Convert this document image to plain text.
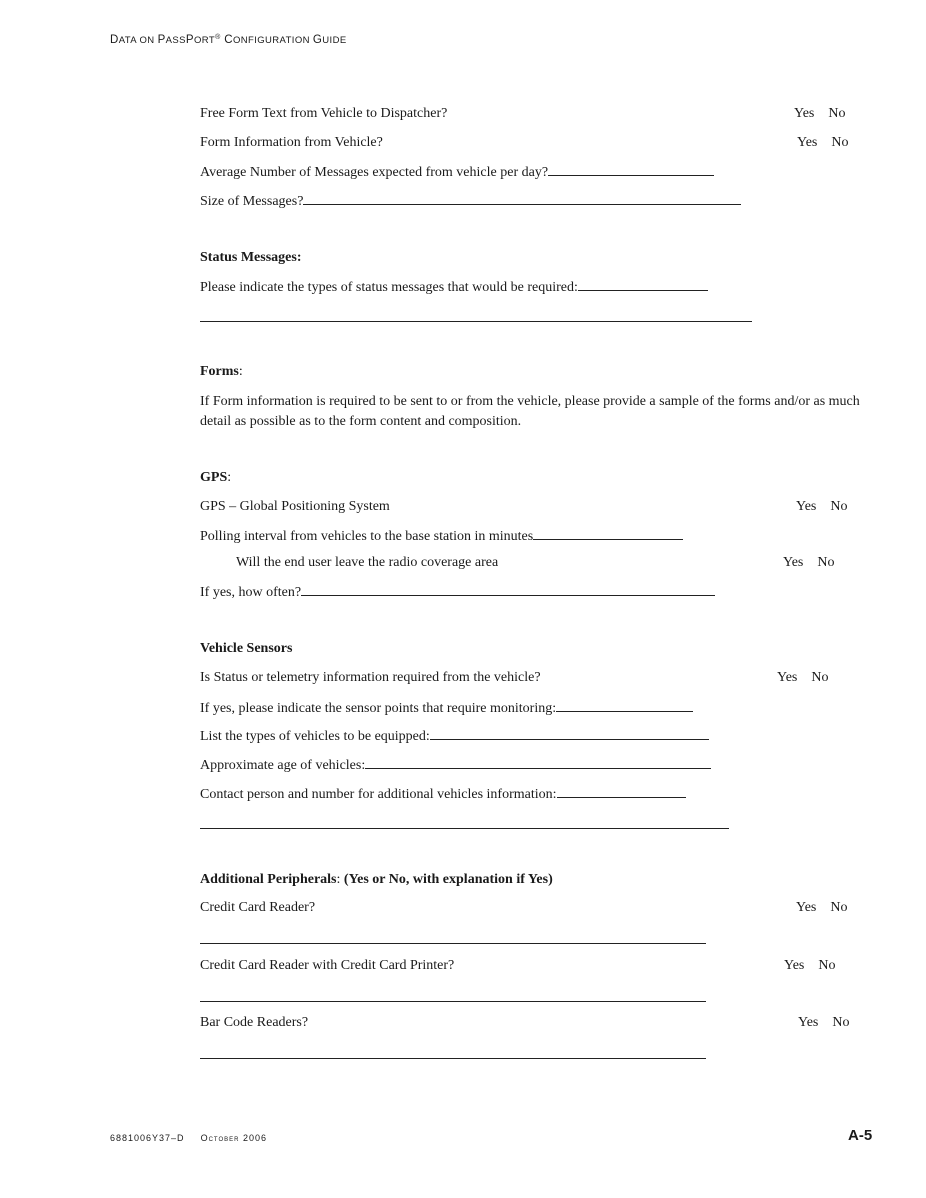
DATA ON PASSPORT® CONFIGURATION GUIDE
Free Form Text from Vehicle to Dispatcher?	Yes No
Form Information from Vehicle?	Yes No
Average Number of Messages expected from vehicle per day?
Size of Messages?
Status Messages:
Please indicate the types of status messages that would be required:
Forms:
If Form information is required to be sent to or from the vehicle, please provide a sample of the forms and/or as much detail as possible as to the form content and composition.
GPS:
GPS – Global Positioning System	Yes No
Polling interval from vehicles to the base station in minutes
Will the end user leave the radio coverage area	Yes No
If yes, how often?
Vehicle Sensors
Is Status or telemetry information required from the vehicle?	Yes No
If yes, please indicate the sensor points that require monitoring:
List the types of vehicles to be equipped:
Approximate age of vehicles:
Contact person and number for additional vehicles information:
Additional Peripherals: (Yes or No, with explanation if Yes)
Credit Card Reader?	Yes No
Credit Card Reader with Credit Card Printer?	Yes No
Bar Code Readers?	Yes No
6881006Y37–D October 2006	A-5
